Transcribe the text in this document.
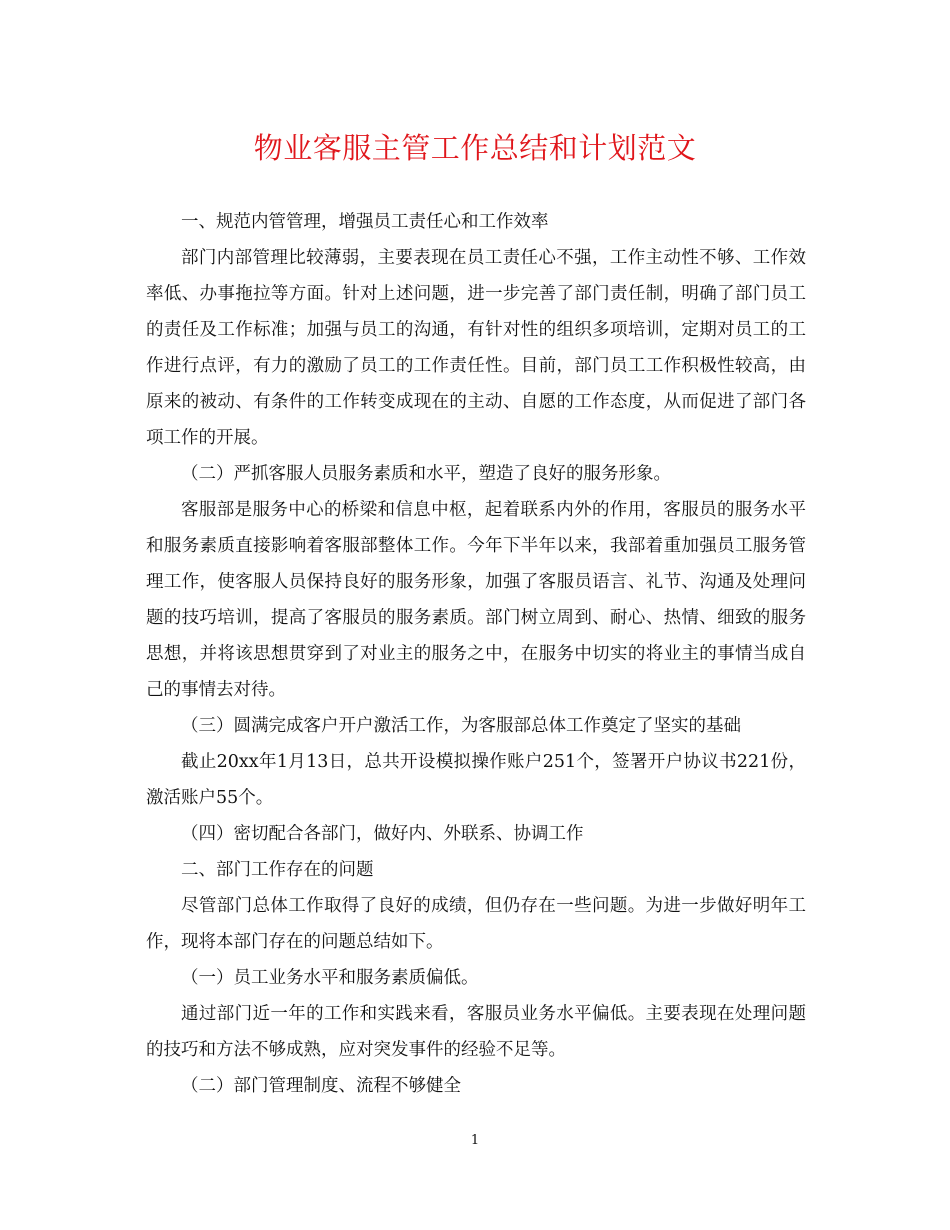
物业客服主管工作总结和计划范文

一、规范内管管理，增强员工责任心和工作效率

部门内部管理比较薄弱，主要表现在员工责任心不强，工作主动性不够、工作效率低、办事拖拉等方面。针对上述问题，进一步完善了部门责任制，明确了部门员工的责任及工作标准；加强与员工的沟通，有针对性的组织多项培训，定期对员工的工作进行点评，有力的激励了员工的工作责任性。目前，部门员工工作积极性较高，由原来的被动、有条件的工作转变成现在的主动、自愿的工作态度，从而促进了部门各项工作的开展。

（二）严抓客服人员服务素质和水平，塑造了良好的服务形象。

客服部是服务中心的桥梁和信息中枢，起着联系内外的作用，客服员的服务水平和服务素质直接影响着客服部整体工作。今年下半年以来，我部着重加强员工服务管理工作，使客服人员保持良好的服务形象，加强了客服员语言、礼节、沟通及处理问题的技巧培训，提高了客服员的服务素质。部门树立周到、耐心、热情、细致的服务思想，并将该思想贯穿到了对业主的服务之中，在服务中切实的将业主的事情当成自己的事情去对待。

（三）圆满完成客户开户激活工作，为客服部总体工作奠定了坚实的基础

截止20xx年1月13日，总共开设模拟操作账户251个，签署开户协议书221份，激活账户55个。

（四）密切配合各部门，做好内、外联系、协调工作

二、部门工作存在的问题

尽管部门总体工作取得了良好的成绩，但仍存在一些问题。为进一步做好明年工作，现将本部门存在的问题总结如下。

（一）员工业务水平和服务素质偏低。

通过部门近一年的工作和实践来看，客服员业务水平偏低。主要表现在处理问题的技巧和方法不够成熟，应对突发事件的经验不足等。

（二）部门管理制度、流程不够健全

1
